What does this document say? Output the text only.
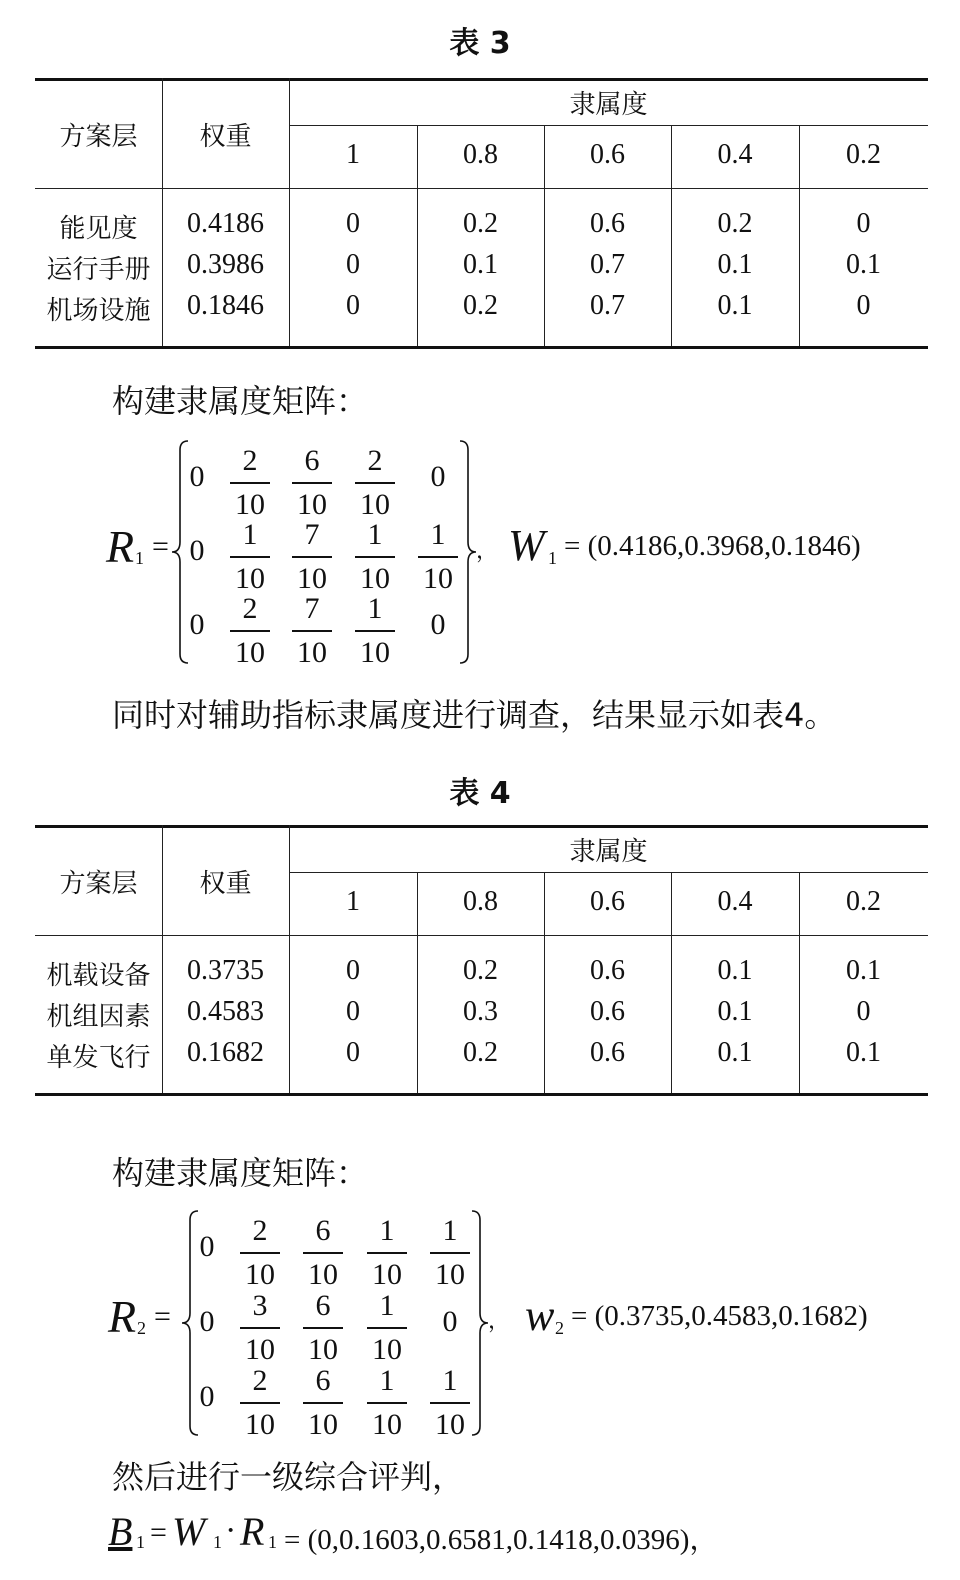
表 3
方案层	权重
隶属度
1	0.8	0.6	0.4	0.2
能见度	0.4186	0	0.2	0.6	0.2	0
运行手册	0.3986	0	0.1	0.7	0.1	0.1
机场设施	0.1846	0	0.2	0.7	0.1	0
构建隶属度矩阵：
R 1 =
0	2
10
6
10
2
10
0
0	1
10
7
10
1
10
1
10
0	2
10
7
10
1
10
0
， W 1 = (0.4186,0.3968,0.1846)
同时对辅助指标隶属度进行调查，结果显示如表4。
表 4
方案层	权重
隶属度
1	0.8	0.6	0.4	0.2
机载设备	0.3735	0	0.2	0.6	0.1	0.1
机组因素	0.4583	0	0.3	0.6	0.1	0
单发飞行	0.1682	0	0.2	0.6	0.1	0.1
构建隶属度矩阵：
R 2 =
0	2
10
6
10
1
10
1
10
0	3
10
6
10
1
10
0
0	2
10
6
10
1
10
1
10
， w 2 = (0.3735,0.4583,0.1682)
然后进行一级综合评判，
B 1 = W 1 · R 1 = (0,0.1603,0.6581,0.1418,0.0396)，
